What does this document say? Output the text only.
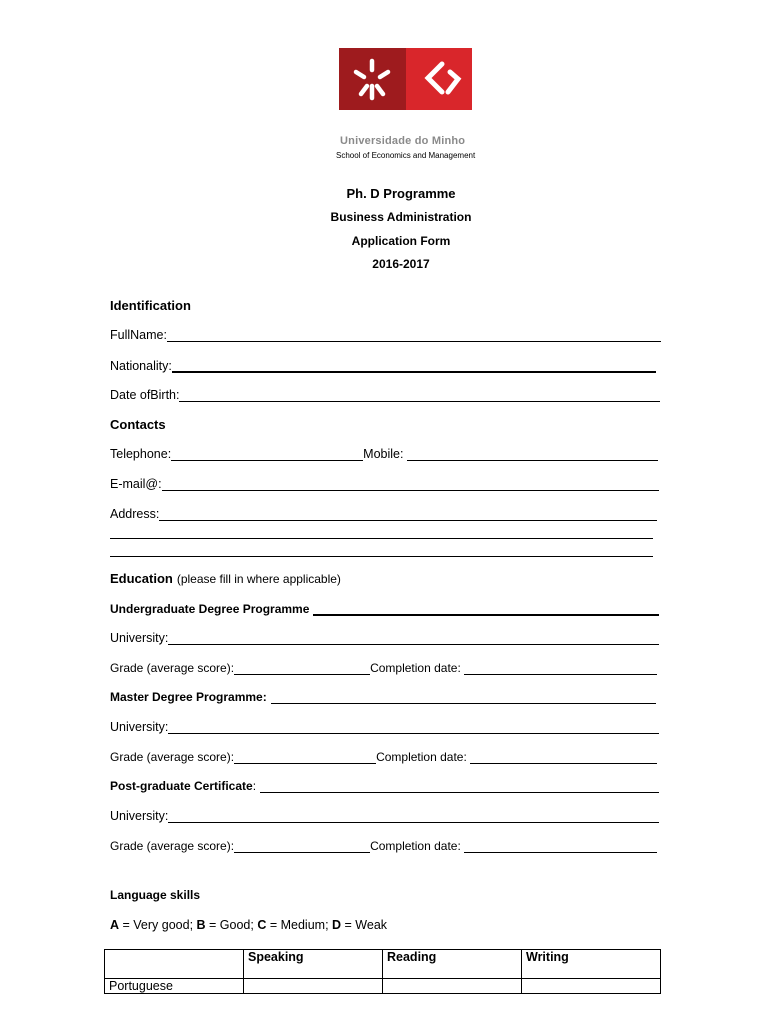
Universidade do Minho
School of Economics and Management
Ph. D Programme
Business Administration
Application Form
2016-2017
Identification
FullName:
Nationality:
Date ofBirth:
Contacts
Telephone:	Mobile:
E-mail@:
Address:
Education (please fill in where applicable)
Undergraduate Degree Programme
University:
Grade (average score):	Completion date:
Master Degree Programme:
University:
Grade (average score):	Completion date:
Post-graduate Certificate :
University:
Grade (average score):	Completion date:
Language skills
A = Very good; B = Good; C = Medium; D = Weak
	Speaking	Reading	Writing
Portuguese			
